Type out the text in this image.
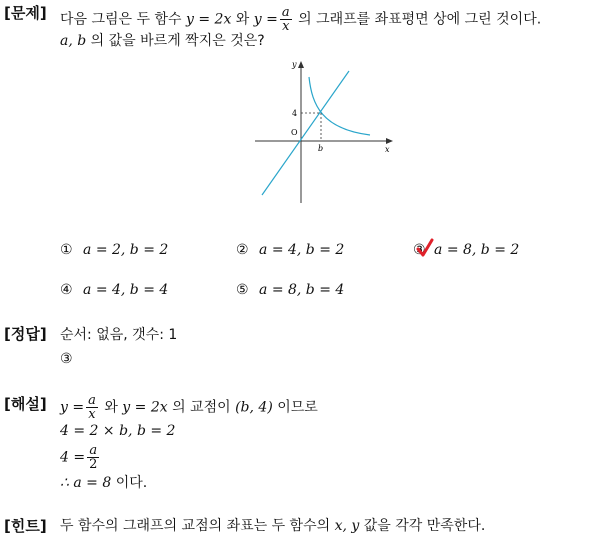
[문제] 다음 그림은 두 함수 y = 2x 와 $y = \frac{a}{x}$ 의 그래프를 좌표평면 상에 그린 것이다.
a, b 의 값을 바르게 짝지은 것은?
y
x
O
4
b
① a = 2, b = 2	② a = 4, b = 2	③ a = 8, b = 2
④ a = 4, b = 4	⑤ a = 8, b = 4
[정답] 순서: 없음, 갯수: 1
③
[해설] $y = \frac{a}{x}$ 와 y = 2x 의 교점이 (b, 4) 이므로
4 = 2 × b, b = 2
$4 = \frac{a}{2}$
∴ a = 8 이다.
[힌트] 두 함수의 그래프의 교점의 좌표는 두 함수의 x, y 값을 각각 만족한다.
